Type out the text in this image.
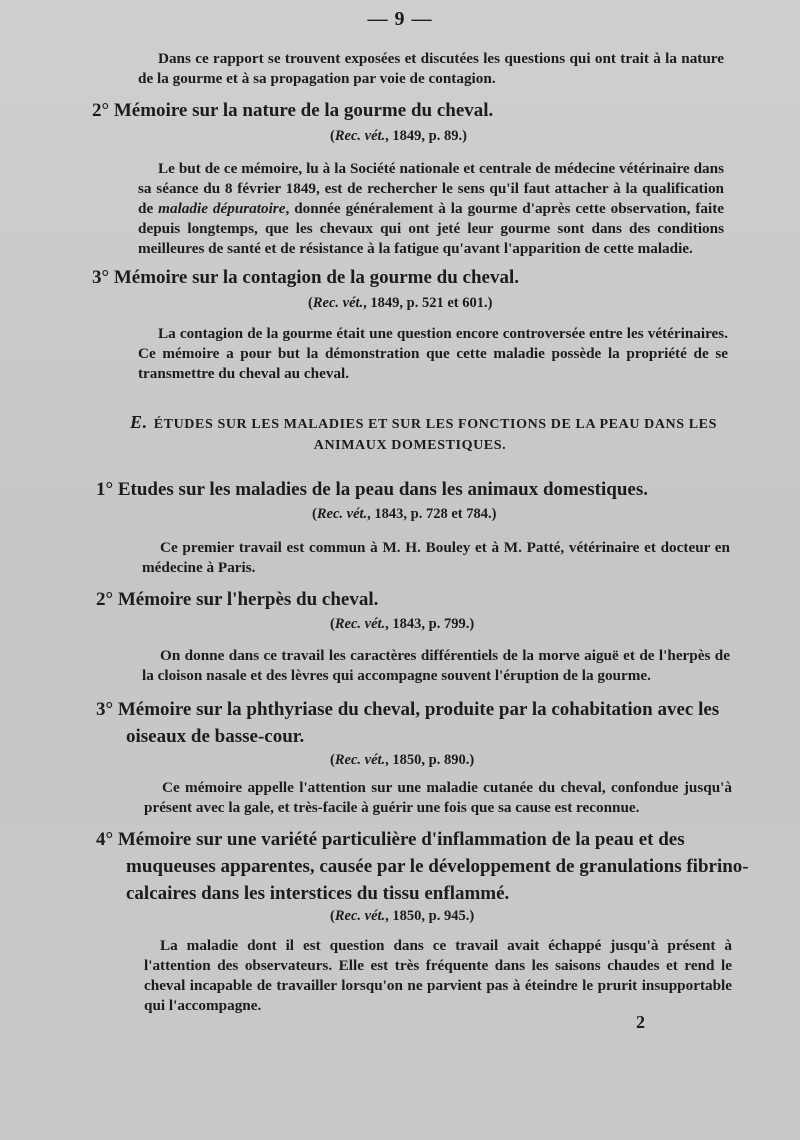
— 9 —
Dans ce rapport se trouvent exposées et discutées les questions qui ont trait à la nature de la gourme et à sa propagation par voie de contagion.
2° Mémoire sur la nature de la gourme du cheval.
(Rec. vét., 1849, p. 89.)
Le but de ce mémoire, lu à la Société nationale et centrale de médecine vétérinaire dans sa séance du 8 février 1849, est de rechercher le sens qu'il faut attacher à la qualification de maladie dépuratoire, donnée généralement à la gourme d'après cette observation, faite depuis longtemps, que les chevaux qui ont jeté leur gourme sont dans des conditions meilleures de santé et de résistance à la fatigue qu'avant l'apparition de cette maladie.
3° Mémoire sur la contagion de la gourme du cheval.
(Rec. vét., 1849, p. 521 et 601.)
La contagion de la gourme était une question encore controversée entre les vétérinaires. Ce mémoire a pour but la démonstration que cette maladie possède la propriété de se transmettre du cheval au cheval.
E. ÉTUDES SUR LES MALADIES ET SUR LES FONCTIONS DE LA PEAU DANS LES
ANIMAUX DOMESTIQUES.
1° Etudes sur les maladies de la peau dans les animaux domestiques.
(Rec. vét., 1843, p. 728 et 784.)
Ce premier travail est commun à M. H. Bouley et à M. Patté, vétérinaire et docteur en médecine à Paris.
2° Mémoire sur l'herpès du cheval.
(Rec. vét., 1843, p. 799.)
On donne dans ce travail les caractères différentiels de la morve aiguë et de l'herpès de la cloison nasale et des lèvres qui accompagne souvent l'éruption de la gourme.
3° Mémoire sur la phthyriase du cheval, produite par la cohabitation avec les oiseaux de basse-cour.
(Rec. vét., 1850, p. 890.)
Ce mémoire appelle l'attention sur une maladie cutanée du cheval, confondue jusqu'à présent avec la gale, et très-facile à guérir une fois que sa cause est reconnue.
4° Mémoire sur une variété particulière d'inflammation de la peau et des muqueuses apparentes, causée par le développement de granulations fibrino-calcaires dans les interstices du tissu enflammé.
(Rec. vét., 1850, p. 945.)
La maladie dont il est question dans ce travail avait échappé jusqu'à présent à l'attention des observateurs. Elle est très fréquente dans les saisons chaudes et rend le cheval incapable de travailler lorsqu'on ne parvient pas à éteindre le prurit insupportable qui l'accompagne.
2
